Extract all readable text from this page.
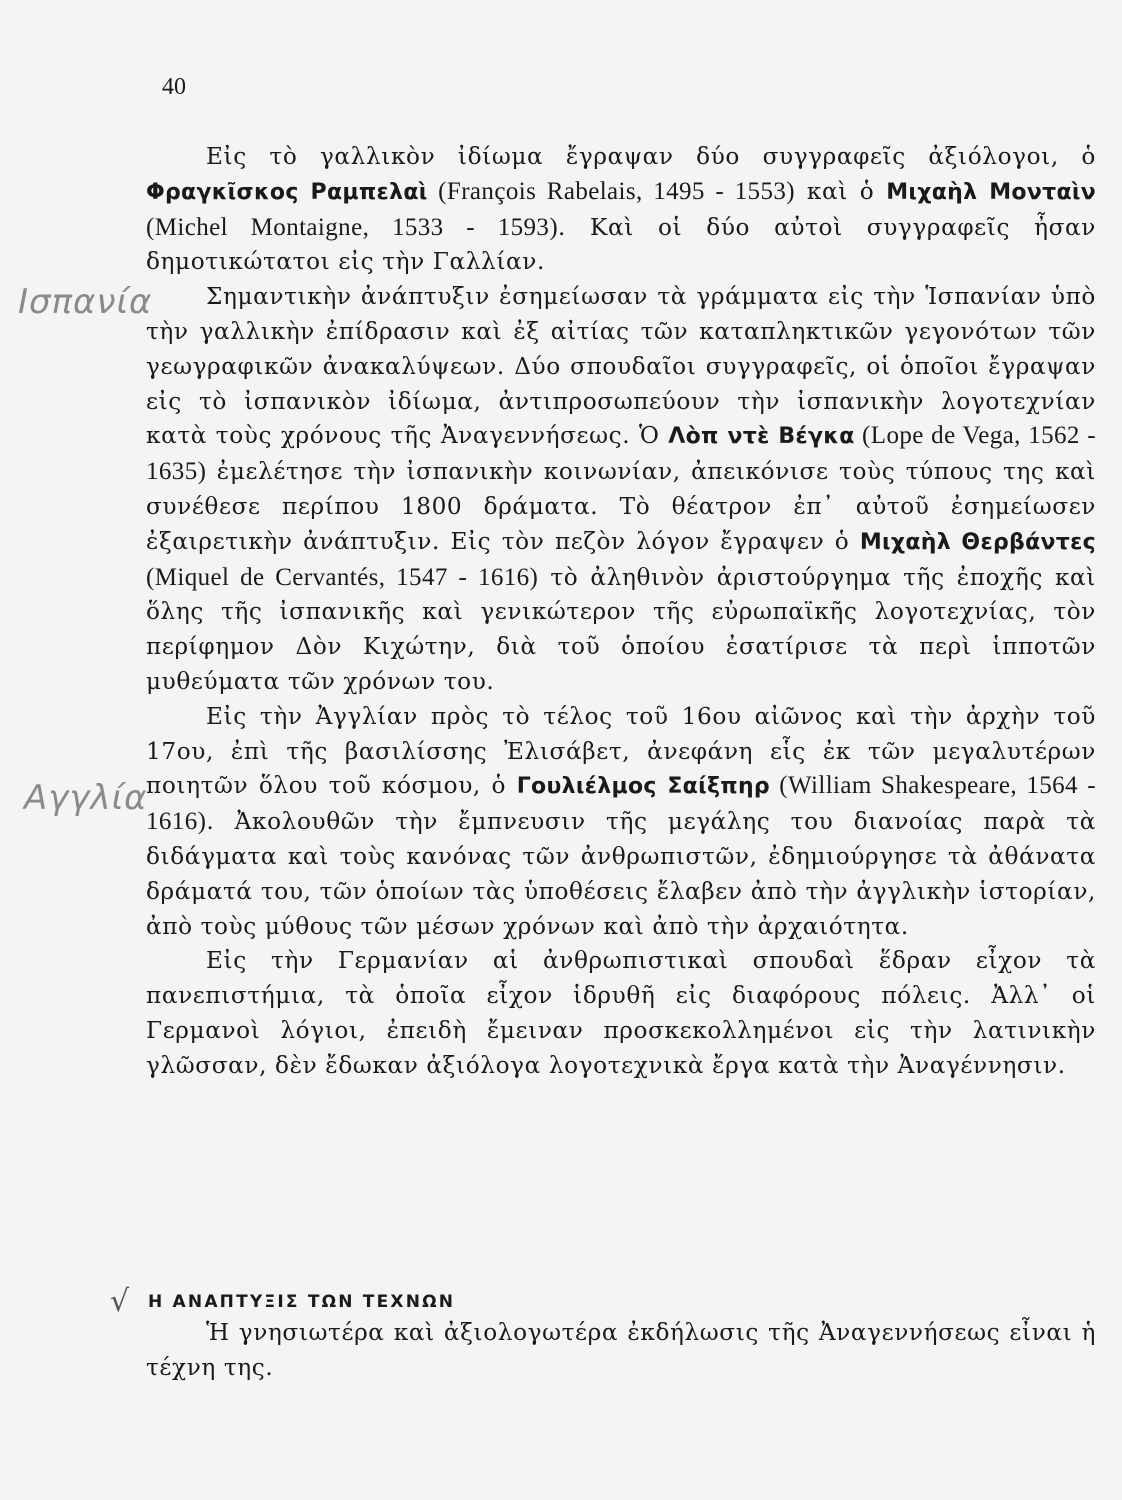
40
Ισπανία
Αγγλία

Εἰς τὸ γαλλικὸν ἰδίωμα ἔγραψαν δύο συγγραφεῖς ἀξιόλογοι, ὁ Φραγκῖσκος Ραμπελαὶ (François Rabelais, 1495 - 1553) καὶ ὁ Μιχαὴλ Μονταὶν (Michel Montaigne, 1533 - 1593). Καὶ οἱ δύο αὐτοὶ συγγραφεῖς ἦσαν δημοτικώτατοι εἰς τὴν Γαλλίαν.

Σημαντικὴν ἀνάπτυξιν ἐσημείωσαν τὰ γράμματα εἰς τὴν Ἱσπανίαν ὑπὸ τὴν γαλλικὴν ἐπίδρασιν καὶ ἐξ αἰτίας τῶν καταπληκτικῶν γεγονότων τῶν γεωγραφικῶν ἀνακαλύψεων. Δύο σπουδαῖοι συγγραφεῖς, οἱ ὁποῖοι ἔγραψαν εἰς τὸ ἰσπανικὸν ἰδίωμα, ἀντιπροσωπεύουν τὴν ἰσπανικὴν λογοτεχνίαν κατὰ τοὺς χρόνους τῆς Ἀναγεννήσεως. Ὁ Λὸπ ντὲ Βέγκα (Lope de Vega, 1562 - 1635) ἐμελέτησε τὴν ἰσπανικὴν κοινωνίαν, ἀπεικόνισε τοὺς τύπους της καὶ συνέθεσε περίπου 1800 δράματα. Τὸ θέατρον ἐπ᾽ αὐτοῦ ἐσημείωσεν ἐξαιρετικὴν ἀνάπτυξιν. Εἰς τὸν πεζὸν λόγον ἔγραψεν ὁ Μιχαὴλ Θερβάντες (Miquel de Cervantés, 1547 - 1616) τὸ ἀληθινὸν ἀριστούργημα τῆς ἐποχῆς καὶ ὅλης τῆς ἰσπανικῆς καὶ γενικώτερον τῆς εὐρωπαϊκῆς λογοτεχνίας, τὸν περίφημον Δὸν Κιχώτην, διὰ τοῦ ὁποίου ἐσατίρισε τὰ περὶ ἱπποτῶν μυθεύματα τῶν χρόνων του.

Εἰς τὴν Ἀγγλίαν πρὸς τὸ τέλος τοῦ 16ου αἰῶνος καὶ τὴν ἀρχὴν τοῦ 17ου, ἐπὶ τῆς βασιλίσσης Ἐλισάβετ, ἀνεφάνη εἷς ἐκ τῶν μεγαλυτέρων ποιητῶν ὅλου τοῦ κόσμου, ὁ Γουλιέλμος Σαίξπηρ (William Shakespeare, 1564 - 1616). Ἀκολουθῶν τὴν ἔμπνευσιν τῆς μεγάλης του διανοίας παρὰ τὰ διδάγματα καὶ τοὺς κανόνας τῶν ἀνθρωπιστῶν, ἐδημιούργησε τὰ ἀθάνατα δράματά του, τῶν ὁποίων τὰς ὑποθέσεις ἔλαβεν ἀπὸ τὴν ἀγγλικὴν ἱστορίαν, ἀπὸ τοὺς μύθους τῶν μέσων χρόνων καὶ ἀπὸ τὴν ἀρχαιότητα.

Εἰς τὴν Γερμανίαν αἱ ἀνθρωπιστικαὶ σπουδαὶ ἕδραν εἶχον τὰ πανεπιστήμια, τὰ ὁποῖα εἶχον ἱδρυθῆ εἰς διαφόρους πόλεις. Ἀλλ᾽ οἱ Γερμανοὶ λόγιοι, ἐπειδὴ ἔμειναν προσκεκολλημένοι εἰς τὴν λατινικὴν γλῶσσαν, δὲν ἔδωκαν ἀξιόλογα λογοτεχνικὰ ἔργα κατὰ τὴν Ἀναγέννησιν.

√	Η ΑΝΑΠΤΥΞΙΣ ΤΩΝ ΤΕΧΝΩΝ

Ἡ γνησιωτέρα καὶ ἀξιολογωτέρα ἐκδήλωσις τῆς Ἀναγεννήσεως εἶναι ἡ τέχνη της.
